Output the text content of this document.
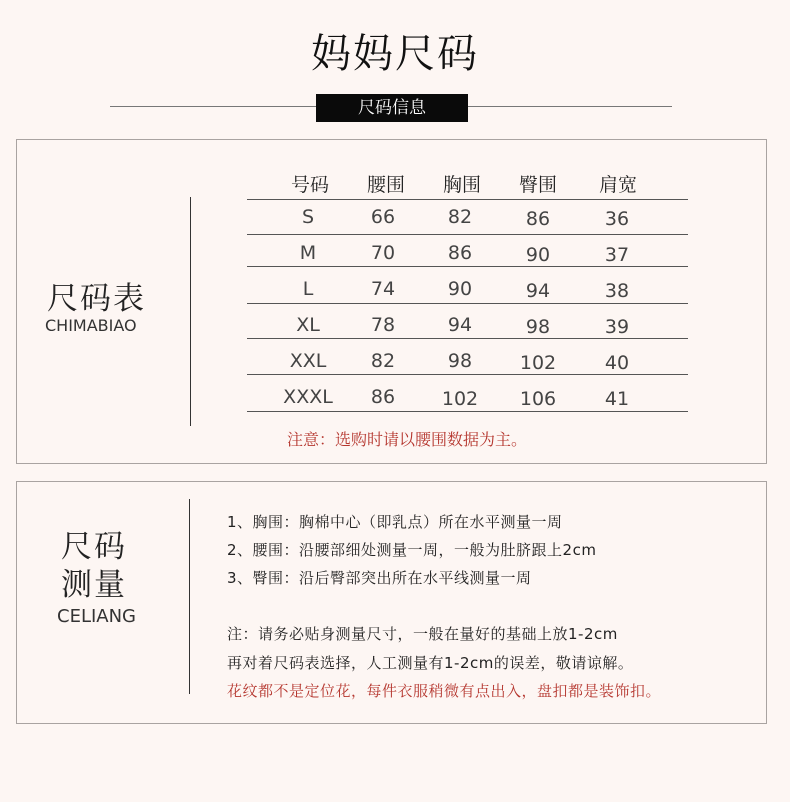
妈妈尺码
尺码信息
尺码表
CHIMABIAO
号码	腰围	胸围	臀围	肩宽
S	66	82	86	36
M	70	86	90	37
L	74	90	94	38
XL	78	94	98	39
XXL	82	98	102	40
XXXL	86	102	106	41
注意：选购时请以腰围数据为主。
尺码
测量
CELIANG
1、胸围：胸棉中心（即乳点）所在水平测量一周
2、腰围：沿腰部细处测量一周，一般为肚脐跟上2cm
3、臀围：沿后臀部突出所在水平线测量一周
注：请务必贴身测量尺寸，一般在量好的基础上放1-2cm
再对着尺码表选择，人工测量有1-2cm的误差，敬请谅解。
花纹都不是定位花，每件衣服稍微有点出入，盘扣都是装饰扣。
